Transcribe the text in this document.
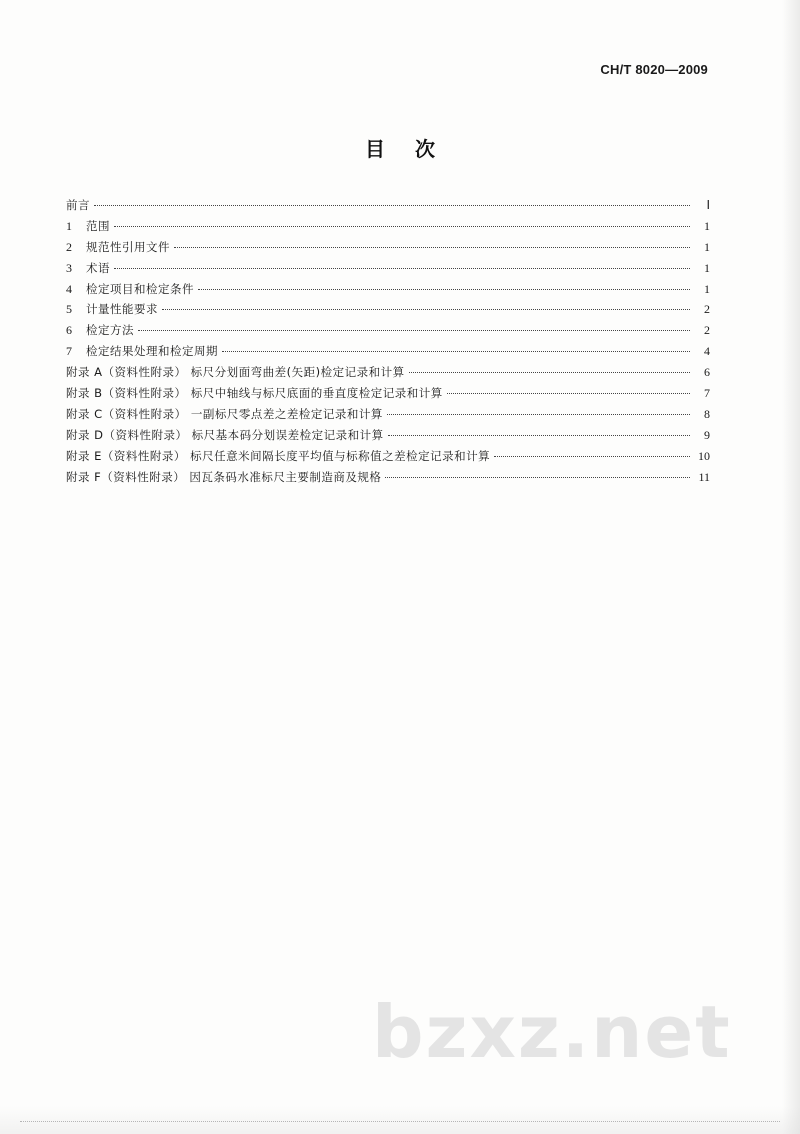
CH/T 8020—2009
目次
前言	Ⅰ
1	范围	1
2	规范性引用文件	1
3	术语	1
4	检定项目和检定条件	1
5	计量性能要求	2
6	检定方法	2
7	检定结果处理和检定周期	4
附录 A（资料性附录） 标尺分划面弯曲差(矢距)检定记录和计算	6
附录 B（资料性附录） 标尺中轴线与标尺底面的垂直度检定记录和计算	7
附录 C（资料性附录） 一副标尺零点差之差检定记录和计算	8
附录 D（资料性附录） 标尺基本码分划误差检定记录和计算	9
附录 E（资料性附录） 标尺任意米间隔长度平均值与标称值之差检定记录和计算	10
附录 F（资料性附录） 因瓦条码水准标尺主要制造商及规格	11
bzxz.net
